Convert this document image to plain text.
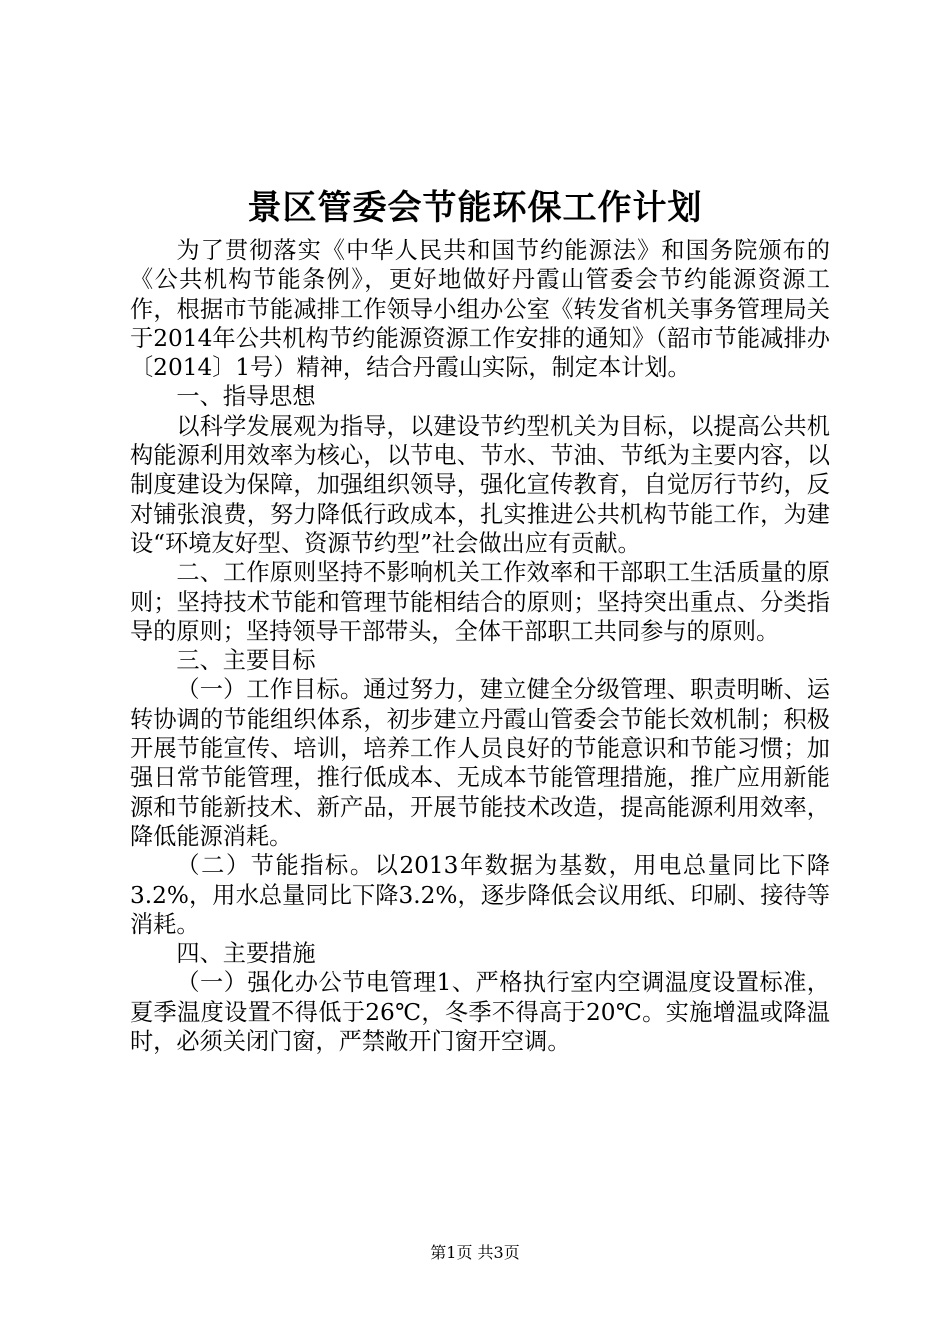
景区管委会节能环保工作计划

为了贯彻落实《中华人民共和国节约能源法》和国务院颁布的《公共机构节能条例》，更好地做好丹霞山管委会节约能源资源工作，根据市节能减排工作领导小组办公室《转发省机关事务管理局关于2014年公共机构节约能源资源工作安排的通知》（韶市节能减排办〔2014〕1号）精神，结合丹霞山实际，制定本计划。

一、指导思想

以科学发展观为指导，以建设节约型机关为目标，以提高公共机构能源利用效率为核心，以节电、节水、节油、节纸为主要内容，以制度建设为保障，加强组织领导，强化宣传教育，自觉厉行节约，反对铺张浪费，努力降低行政成本，扎实推进公共机构节能工作，为建设“环境友好型、资源节约型”社会做出应有贡献。

二、工作原则坚持不影响机关工作效率和干部职工生活质量的原则；坚持技术节能和管理节能相结合的原则；坚持突出重点、分类指导的原则；坚持领导干部带头，全体干部职工共同参与的原则。

三、主要目标

（一）工作目标。通过努力，建立健全分级管理、职责明晰、运转协调的节能组织体系，初步建立丹霞山管委会节能长效机制；积极开展节能宣传、培训，培养工作人员良好的节能意识和节能习惯；加强日常节能管理，推行低成本、无成本节能管理措施，推广应用新能源和节能新技术、新产品，开展节能技术改造，提高能源利用效率，降低能源消耗。

（二）节能指标。以2013年数据为基数，用电总量同比下降3.2%，用水总量同比下降3.2%，逐步降低会议用纸、印刷、接待等消耗。

四、主要措施

（一）强化办公节电管理1、严格执行室内空调温度设置标准，夏季温度设置不得低于26℃，冬季不得高于20℃。实施增温或降温时，必须关闭门窗，严禁敞开门窗开空调。

第1页 共3页
